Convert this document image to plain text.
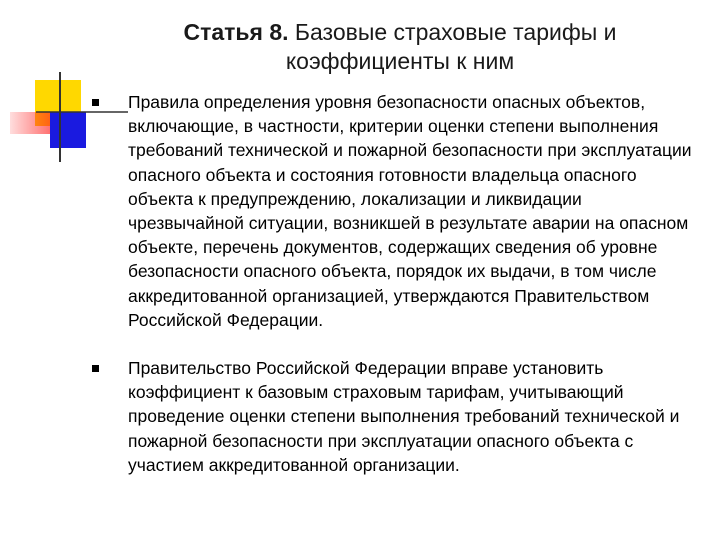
Статья 8. Базовые страховые тарифы и коэффициенты к ним
Правила определения уровня безопасности опасных объектов, включающие, в частности, критерии оценки степени выполнения требований технической и пожарной безопасности при эксплуатации опасного объекта и состояния готовности владельца опасного объекта к предупреждению, локализации и ликвидации чрезвычайной ситуации, возникшей в результате аварии на опасном объекте, перечень документов, содержащих сведения об уровне безопасности опасного объекта, порядок их выдачи, в том числе аккредитованной организацией, утверждаются Правительством Российской Федерации.
Правительство Российской Федерации вправе установить коэффициент к базовым страховым тарифам, учитывающий проведение оценки степени выполнения требований технической и пожарной безопасности при эксплуатации опасного объекта с участием аккредитованной организации.
